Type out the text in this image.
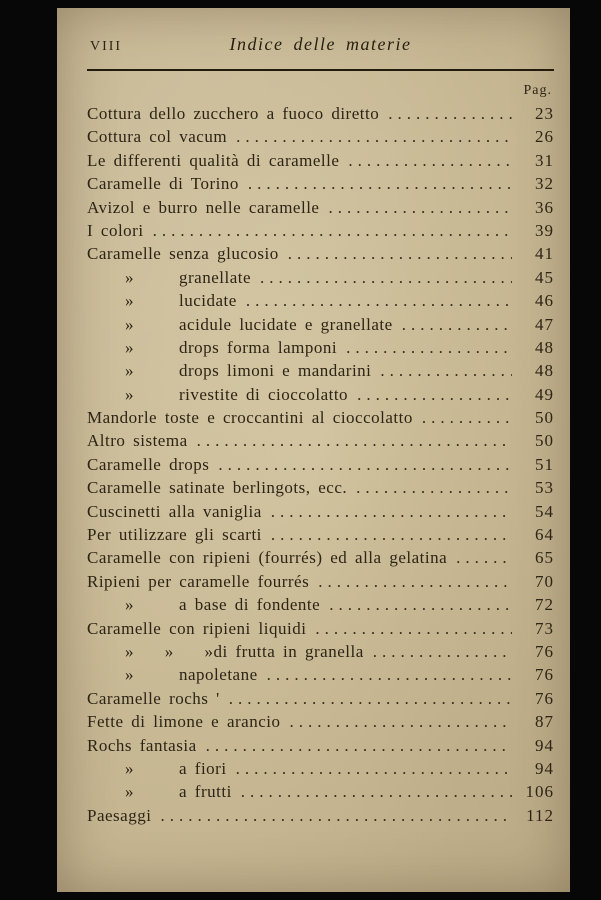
VIII	Indice delle materie
Pag.
Cottura dello zucchero a fuoco diretto .....	23
Cottura col vacum .....	26
Le differenti qualità di caramelle .....	31
Caramelle di Torino .....	32
Avizol e burro nelle caramelle .....	36
I colori .....	39
Caramelle senza glucosio .....	41
»	granellate .....	45
»	lucidate .....	46
»	acidule lucidate e granellate .....	47
»	drops forma lamponi .....	48
»	drops limoni e mandarini .....	48
»	rivestite di cioccolatto .....	49
Mandorle toste e croccantini al cioccolatto .....	50
Altro sistema .....	50
Caramelle drops .....	51
Caramelle satinate berlingots, ecc. .....	53
Cuscinetti alla vaniglia .....	54
Per utilizzare gli scarti .....	64
Caramelle con ripieni (fourrés) ed alla gelatina .....	65
Ripieni per caramelle fourrés .....	70
»	a base di fondente .....	72
Caramelle con ripieni liquidi .....	73
» » » di frutta in granella .....	76
»	napoletane .....	76
Caramelle rochs ' .....	76
Fette di limone e arancio .....	87
Rochs fantasia .....	94
»	a fiori .....	94
»	a frutti .....	106
Paesaggi .....	112
